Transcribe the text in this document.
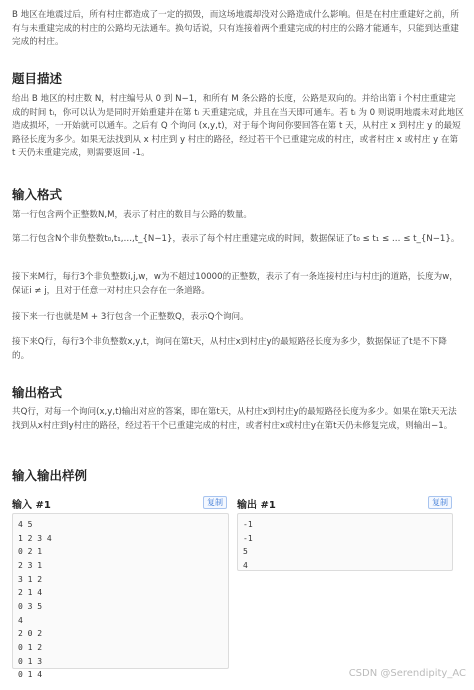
B 地区在地震过后，所有村庄都造成了一定的损毁，而这场地震却没对公路造成什么影响。但是在村庄重建好之前，所有与未重建完成的村庄的公路均无法通车。换句话说，只有连接着两个重建完成的村庄的公路才能通车，只能到达重建完成的村庄。

题目描述

给出 B 地区的村庄数 N，村庄编号从 0 到 N−1，和所有 M 条公路的长度，公路是双向的。并给出第 i 个村庄重建完成的时间 tᵢ，你可以认为是同时开始重建并在第 tᵢ 天重建完成，并且在当天即可通车。若 tᵢ 为 0 则说明地震未对此地区造成损坏，一开始就可以通车。之后有 Q 个询问 (x,y,t)，对于每个询问你要回答在第 t 天，从村庄 x 到村庄 y 的最短路径长度为多少。如果无法找到从 x 村庄到 y 村庄的路径，经过若干个已重建完成的村庄，或者村庄 x 或村庄 y 在第 t 天仍未重建完成，则需要返回 -1。

输入格式

第一行包含两个正整数N,M，表示了村庄的数目与公路的数量。

第二行包含N个非负整数t₀,t₁,…,t_{N−1}，表示了每个村庄重建完成的时间，数据保证了t₀ ≤ t₁ ≤ … ≤ t_{N−1}。

接下来M行，每行3个非负整数i,j,w，w为不超过10000的正整数，表示了有一条连接村庄i与村庄j的道路，长度为w，保证i ≠ j，且对于任意一对村庄只会存在一条道路。

接下来一行也就是M + 3行包含一个正整数Q，表示Q个询问。

接下来Q行，每行3个非负整数x,y,t，询问在第t天，从村庄x到村庄y的最短路径长度为多少，数据保证了t是不下降的。

输出格式

共Q行，对每一个询问(x,y,t)输出对应的答案，即在第t天，从村庄x到村庄y的最短路径长度为多少。如果在第t天无法找到从x村庄到y村庄的路径，经过若干个已重建完成的村庄，或者村庄x或村庄y在第t天仍未修复完成，则输出−1。

输入输出样例
输入 #1	复制
4 5
1 2 3 4
0 2 1
2 3 1
3 1 2
2 1 4
0 3 5
4
2 0 2
0 1 2
0 1 3
0 1 4
输出 #1	复制
-1
-1
5
4
CSDN @Serendipity_AC
